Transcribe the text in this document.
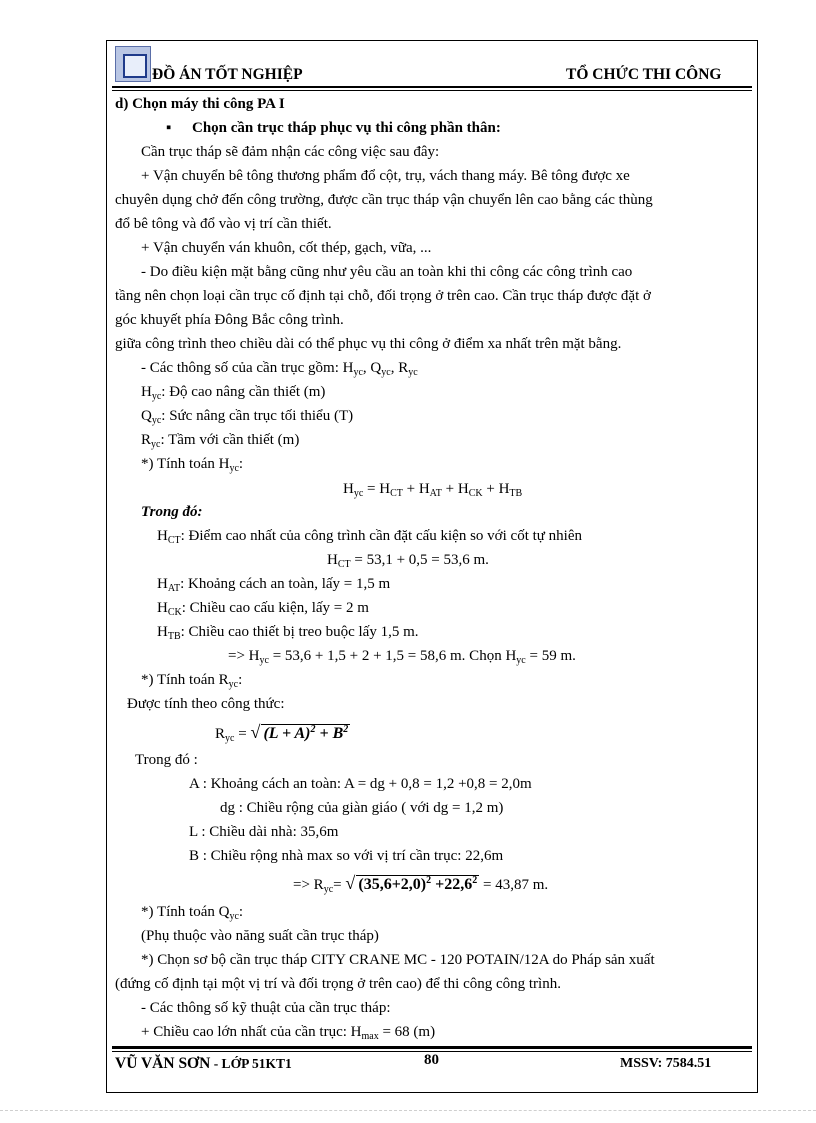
ĐỒ ÁN TỐT NGHIỆP	TỔ CHỨC THI CÔNG
d) Chọn máy thi công PA I
▪ Chọn cần trục tháp phục vụ thi công phần thân:
Cần trục tháp sẽ đảm nhận các công việc sau đây:
+ Vận chuyển bê tông thương phẩm đổ cột, trụ, vách thang máy. Bê tông được xe
chuyên dụng chở đến công trường, được cần trục tháp vận chuyển lên cao bằng các thùng
đổ bê tông và đổ vào vị trí cần thiết.
+ Vận chuyển ván khuôn, cốt thép, gạch, vữa, ...
- Do điều kiện mặt bằng cũng như yêu cầu an toàn khi thi công các công trình cao
tầng nên chọn loại cần trục cố định tại chỗ, đối trọng ở trên cao. Cần trục tháp được đặt ở
góc khuyết phía Đông Bắc công trình.
giữa công trình theo chiều dài có thể phục vụ thi công ở điểm xa nhất trên mặt bằng.
- Các thông số của cần trục gồm: $H_{yc}$, $Q_{yc}$, $R_{yc}$
$H_{yc}$: Độ cao nâng cần thiết (m)
$Q_{yc}$: Sức nâng cần trục tối thiểu (T)
$R_{yc}$: Tầm với cần thiết (m)
*) Tính toán $H_{yc}$:
$H_{yc} = H_{CT} + H_{AT} + H_{CK} + H_{TB}$
Trong đó:
$H_{CT}$: Điểm cao nhất của công trình cần đặt cấu kiện so với cốt tự nhiên
$H_{CT} = 53,1 + 0,5 = 53,6$ m.
$H_{AT}$: Khoảng cách an toàn, lấy = 1,5 m
$H_{CK}$: Chiều cao cấu kiện, lấy = 2 m
$H_{TB}$: Chiều cao thiết bị treo buộc lấy 1,5 m.
=> $H_{yc} = 53,6 + 1,5 + 2 + 1,5 = 58,6$ m. Chọn $H_{yc} = 59$ m.
*) Tính toán $R_{yc}$:
Được tính theo công thức:
$R_{yc}$ = √ $(L + A)^2 + B^2$
Trong đó :
A : Khoảng cách an toàn: A = dg + 0,8 = 1,2 +0,8 = 2,0m
dg : Chiều rộng của giàn giáo ( với dg = 1,2 m)
L : Chiều dài nhà: 35,6m
B : Chiều rộng nhà max so với vị trí cần trục: 22,6m
=> $R_{yc}=$ √ $(35,6+2,0)^2 +22,6^2 = 43,87$ m.
*) Tính toán $Q_{yc}$:
(Phụ thuộc vào năng suất cần trục tháp)
*) Chọn sơ bộ cần trục tháp CITY CRANE MC - 120 POTAIN/12A do Pháp sản xuất
(đứng cố định tại một vị trí và đối trọng ở trên cao) để thi công công trình.
- Các thông số kỹ thuật của cần trục tháp:
+ Chiều cao lớn nhất của cần trục: $H_{max} = 68$ (m)
VŨ VĂN SƠN - LỚP 51KT1	80	MSSV: 7584.51
